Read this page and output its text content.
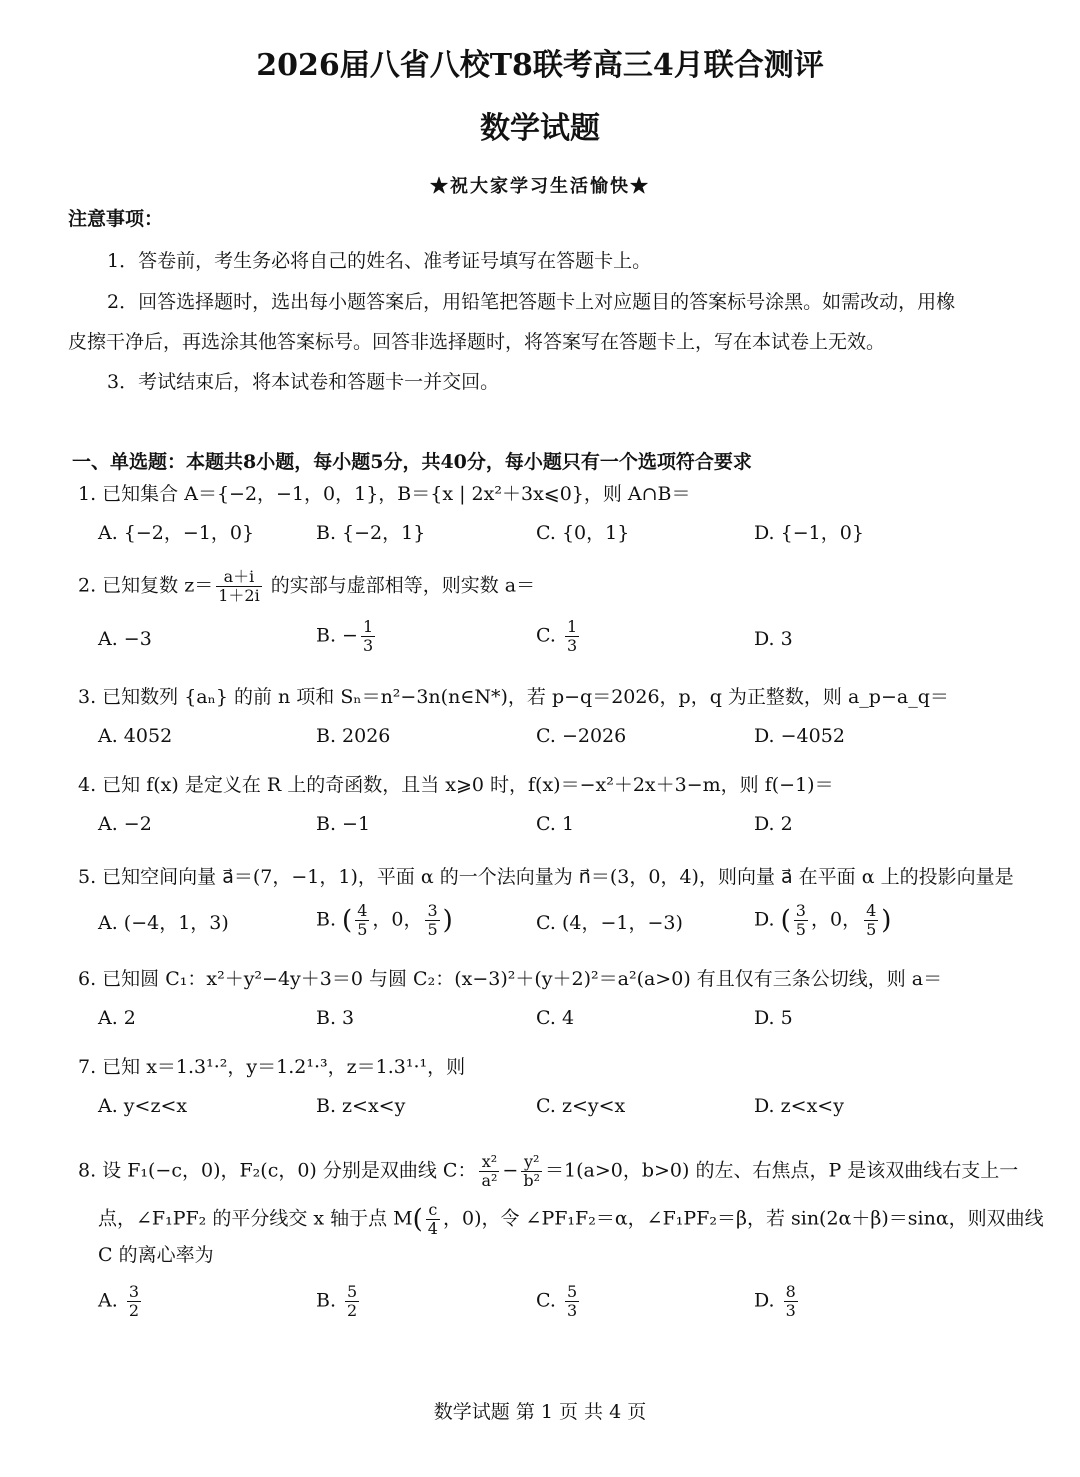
2026届八省八校T8联考高三4月联合测评
数学试题
★祝大家学习生活愉快★
注意事项：
1．答卷前，考生务必将自己的姓名、准考证号填写在答题卡上。
2．回答选择题时，选出每小题答案后，用铅笔把答题卡上对应题目的答案标号涂黑。如需改动，用橡
皮擦干净后，再选涂其他答案标号。回答非选择题时，将答案写在答题卡上，写在本试卷上无效。
3．考试结束后，将本试卷和答题卡一并交回。
一、单选题：本题共8小题，每小题5分，共40分，每小题只有一个选项符合要求
1. 已知集合 A＝{−2，−1，0，1}，B＝{x | 2x²＋3x⩽0}，则 A∩B＝
A. {−2，−1，0}	B. {−2，1}	C. {0，1}	D. {−1，0}
2. 已知复数 $z= \frac{a+i}{1+2i}$ 的实部与虚部相等，则实数 a＝
A. −3	B. − $\frac{1}{3}$	C. $\frac{1}{3}$	D. 3
3. 已知数列 {aₙ} 的前 n 项和 Sₙ＝n²−3n(n∈N*)，若 p−q＝2026，p，q 为正整数，则 a_p−a_q＝
A. 4052	B. 2026	C. −2026	D. −4052
4. 已知 f(x) 是定义在 R 上的奇函数，且当 x⩾0 时，f(x)＝−x²＋2x＋3−m，则 f(−1)＝
A. −2	B. −1	C. 1	D. 2
5. 已知空间向量 a⃗＝(7，−1，1)，平面 α 的一个法向量为 n⃗＝(3，0，4)，则向量 a⃗ 在平面 α 上的投影向量是
A. (−4，1，3)	B. ( $\frac{4}{5}$ ，0， $\frac{3}{5}$ )	C. (4，−1，−3)	D. ( $\frac{3}{5}$ ，0， $\frac{4}{5}$ )
6. 已知圆 C₁：x²＋y²−4y＋3＝0 与圆 C₂：(x−3)²＋(y＋2)²＝a²(a>0) 有且仅有三条公切线，则 a＝
A. 2	B. 3	C. 4	D. 5
7. 已知 x＝1.3¹·²，y＝1.2¹·³，z＝1.3¹·¹，则
A. y<z<x	B. z<x<y	C. z<y<x	D. z<x<y
8. 设 F₁(−c，0)，F₂(c，0) 分别是双曲线 C： $\frac{\text{x²}}{\text{a²}} - \frac{\text{y²}}{\text{b²}} =1(a>0$，b>0) 的左、右焦点，P 是该双曲线右支上一
点，∠F₁PF₂ 的平分线交 x 轴于点 $M( \frac{c}{4}$ ，0)，令 ∠PF₁F₂＝α，∠F₁PF₂＝β，若 sin(2α＋β)＝sinα，则双曲线
C 的离心率为
A. $\frac{3}{2}$	B. $\frac{5}{2}$	C. $\frac{5}{3}$	D. $\frac{8}{3}$
数学试题 第 1 页 共 4 页
